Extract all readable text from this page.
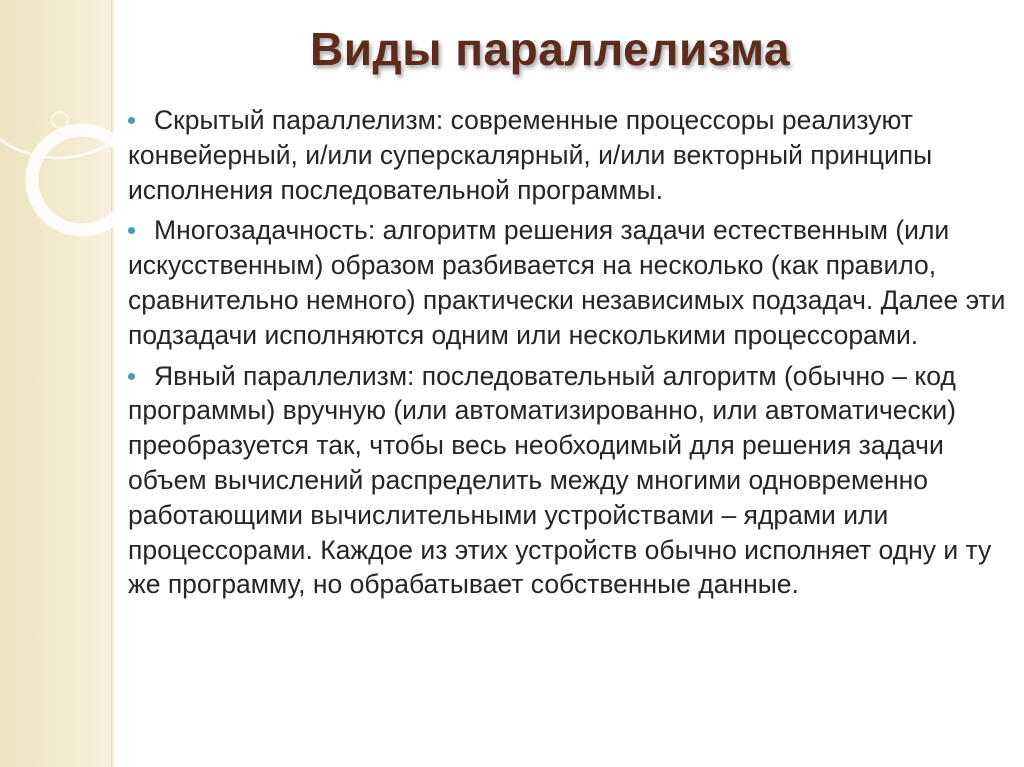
Виды параллелизма
Скрытый параллелизм: современные процессоры реализуют конвейерный, и/или суперскалярный, и/или векторный принципы исполнения последовательной программы.
Многозадачность: алгоритм решения задачи естественным (или искусственным) образом разбивается на несколько (как правило, сравнительно немного) практически независимых подзадач. Далее эти подзадачи исполняются одним или несколькими процессорами.
Явный параллелизм: последовательный алгоритм (обычно – код программы) вручную (или автоматизированно, или автоматически) преобразуется так, чтобы весь необходимый для решения задачи объем вычислений распределить между многими одновременно работающими вычислительными устройствами – ядрами или процессорами. Каждое из этих устройств обычно исполняет одну и ту же программу, но обрабатывает собственные данные.
